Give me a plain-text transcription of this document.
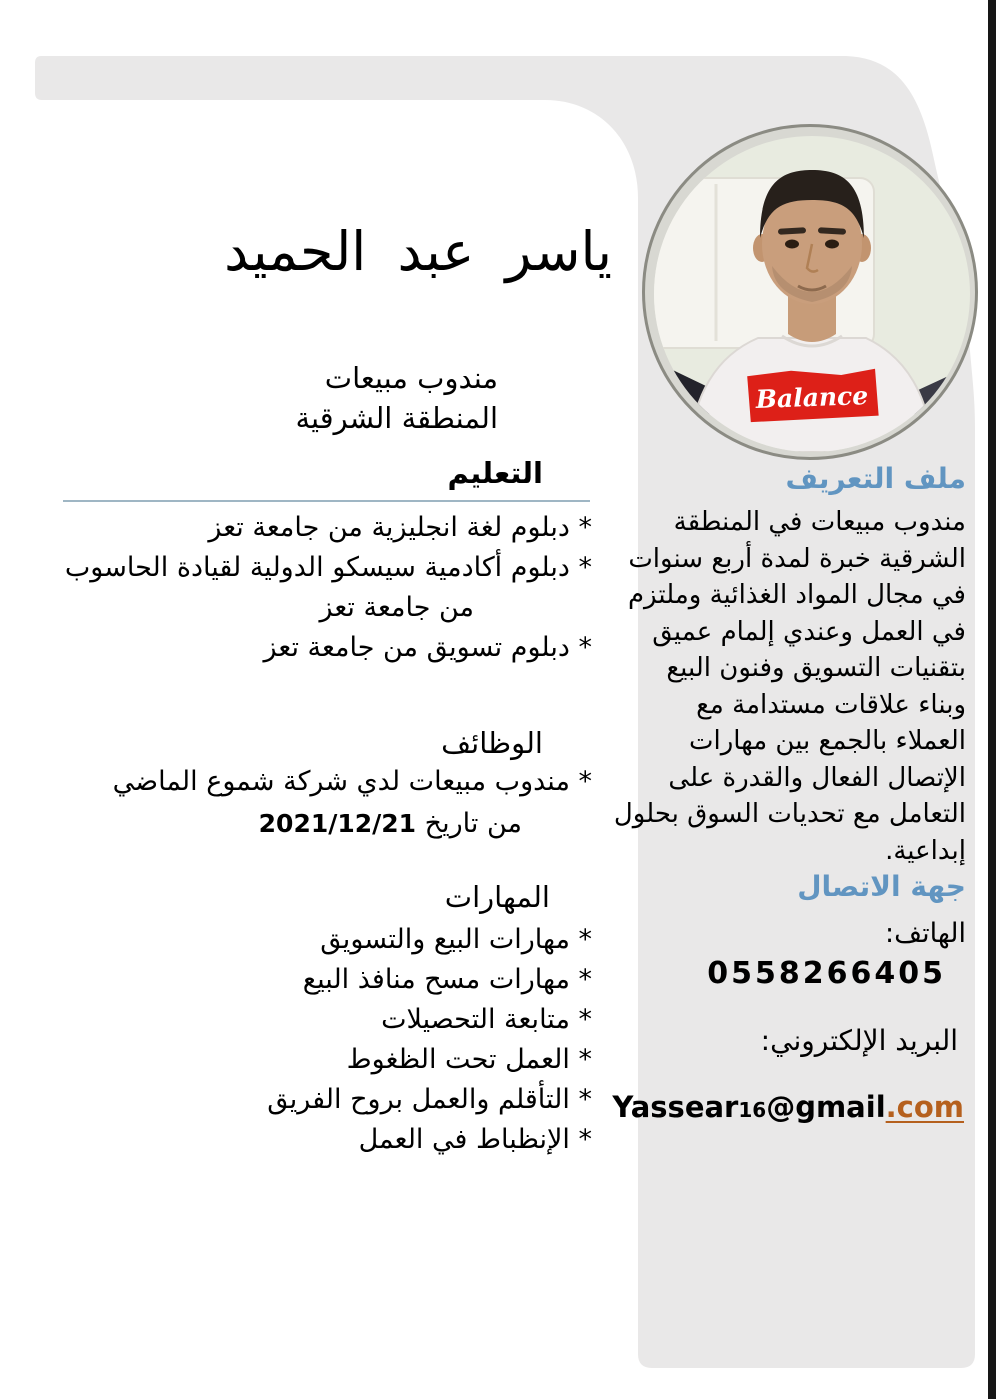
Balance
ياسر عبد الحميد
مندوب مبيعات
المنطقة الشرقية
التعليم
* دبلوم لغة انجليزية من جامعة تعز
* دبلوم أكادمية سيسكو الدولية لقيادة الحاسوب
من جامعة تعز
* دبلوم تسويق من جامعة تعز
الوظائف
* مندوب مبيعات لدي شركة شموع الماضي
من تاريخ 2021/12/21
المهارات
* مهارات البيع والتسويق
* مهارات مسح منافذ البيع
* متابعة التحصيلات
* العمل تحت الظغوط
* التأقلم والعمل بروح الفريق
* الإنظباط في العمل
ملف التعريف
مندوب مبيعات في المنطقة
الشرقية خبرة لمدة أربع سنوات
في مجال المواد الغذائية وملتزم
في العمل وعندي إلمام عميق
بتقنيات التسويق وفنون البيع
وبناء علاقات مستدامة مع
العملاء بالجمع بين مهارات
الإتصال الفعال والقدرة على
التعامل مع تحديات السوق بحلول
إبداعية.
جهة الاتصال
الهاتف:
0558266405
البريد الإلكتروني:
Yassear16@gmail.com
